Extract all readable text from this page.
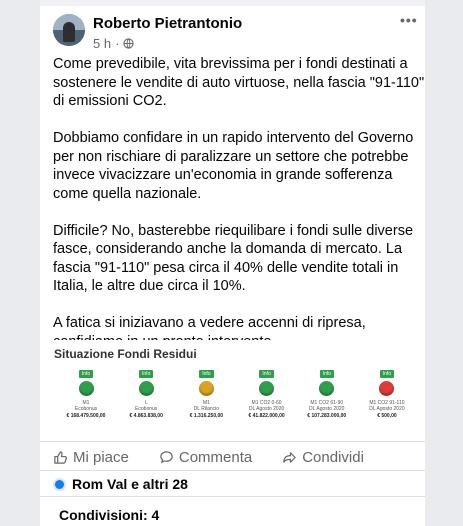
Roberto Pietrantonio
5 h ·
•••

Come prevedibile, vita brevissima per i fondi destinati a
sostenere le vendite di auto virtuose, nella fascia "91-110"
di emissioni CO2.

Dobbiamo confidare in un rapido intervento del Governo
per non rischiare di paralizzare un settore che potrebbe
invece vivacizzare un'economia in grande sofferenza
come quella nazionale.

Difficile? No, basterebbe riequilibare i fondi sulle diverse
fasce, considerando anche la domanda di mercato. La
fascia "91-110" pesa circa il 40% delle vendite totali in
Italia, le altre due circa il 10%.

A fatica si iniziavano a vedere accenni di ripresa,

Situazione Fondi Residui
Info
M1
Ecobonus
€ 168.479.500,00
Info
L
Ecobonus
€ 4.863.838,00
Info
M1
DL Rilancio
€ 1.316.250,00
Info
M1 CO2 0-60
DL Agosto 2020
€ 41.822.000,00
Info
M1 CO2 61-90
DL Agosto 2020
€ 107.283.000,00
Info
M1 CO2 91-110
DL Agosto 2020
€ 500,00
Mi piace	Commenta	Condividi
Rom Val e altri 28
Condivisioni: 4
